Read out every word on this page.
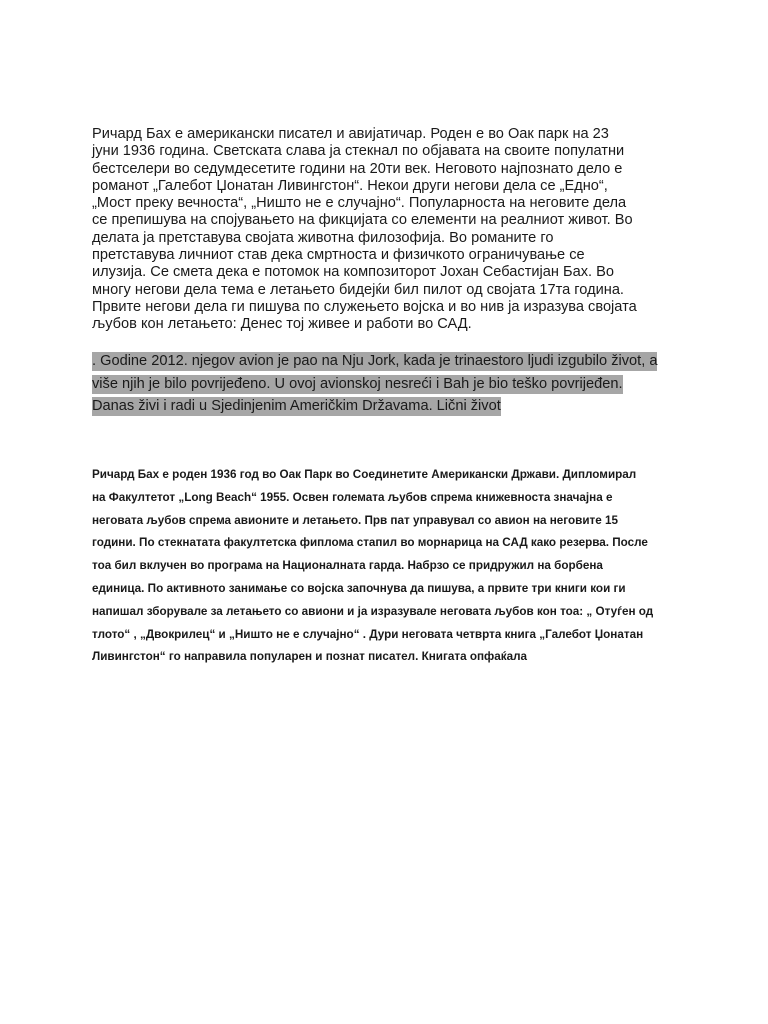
Ричард Бах е американски писател и авијатичар. Роден е во Оак парк на 23
јуни 1936 година. Светската слава ја стекнал по објавата на своите популатни
бестселери во седумдесетите години на 20ти век. Неговото најпознато дело е
романот „Галебот Џонатан Ливингстон“. Некои други негови дела се „Едно“,
„Мост преку вечноста“, „Ништо не е случајно“. Популарноста на неговите дела
се препишува на спојувањето на фикцијата со елементи на реалниот живот. Во
делата ја претставува својата животна филозофија. Во романите го
претставува личниот став дека смртноста и физичкото ограничување се
илузија. Се смета дека е потомок на композиторот Јохан Себастијан Бах. Во
многу негови дела тема е летањето бидејќи бил пилот од својата 17та година.
Првите негови дела ги пишува по служењето војска и во нив ја изразува својата
љубов кон летањето: Денес тој живее и работи во САД.

. Godine 2012. njegov avion je pao na Nju Jork, kada je trinaestoro ljudi izgubilo život, a
više njih je bilo povrijeđeno. U ovoj avionskoj nesreći i Bah je bio teško povrijeđen.
Danas živi i radi u Sjedinjenim Američkim Državama. Lični život

Ричард Бах е роден 1936 год во Оак Парк во Соединетите Американски Држави. Дипломирал
на Факултетот „Long Beach“ 1955. Освен големата љубов спрема книжевноста значајна е
неговата љубов спрема авионите и летањето. Прв пат управувал со авион на неговите 15
години. По стекнатата факултетска фиплома стапил во морнарица на САД како резерва. После
тоа бил вклучен во програма на Националната гарда. Набрзо се придружил на борбена
единица. По активното занимање со војска започнува да пишува, а првите три книги кои ги
напишал зборувале за летањето со авиони и ја изразувале неговата љубов кон тоа: „ Отуѓен од
тлото“ , „Двокрилец“ и „Ништо не е случајно“ . Дури неговата четврта книга „Галебот Џонатан
Ливингстон“ го направила популарен и познат писател. Книгата опфаќала
